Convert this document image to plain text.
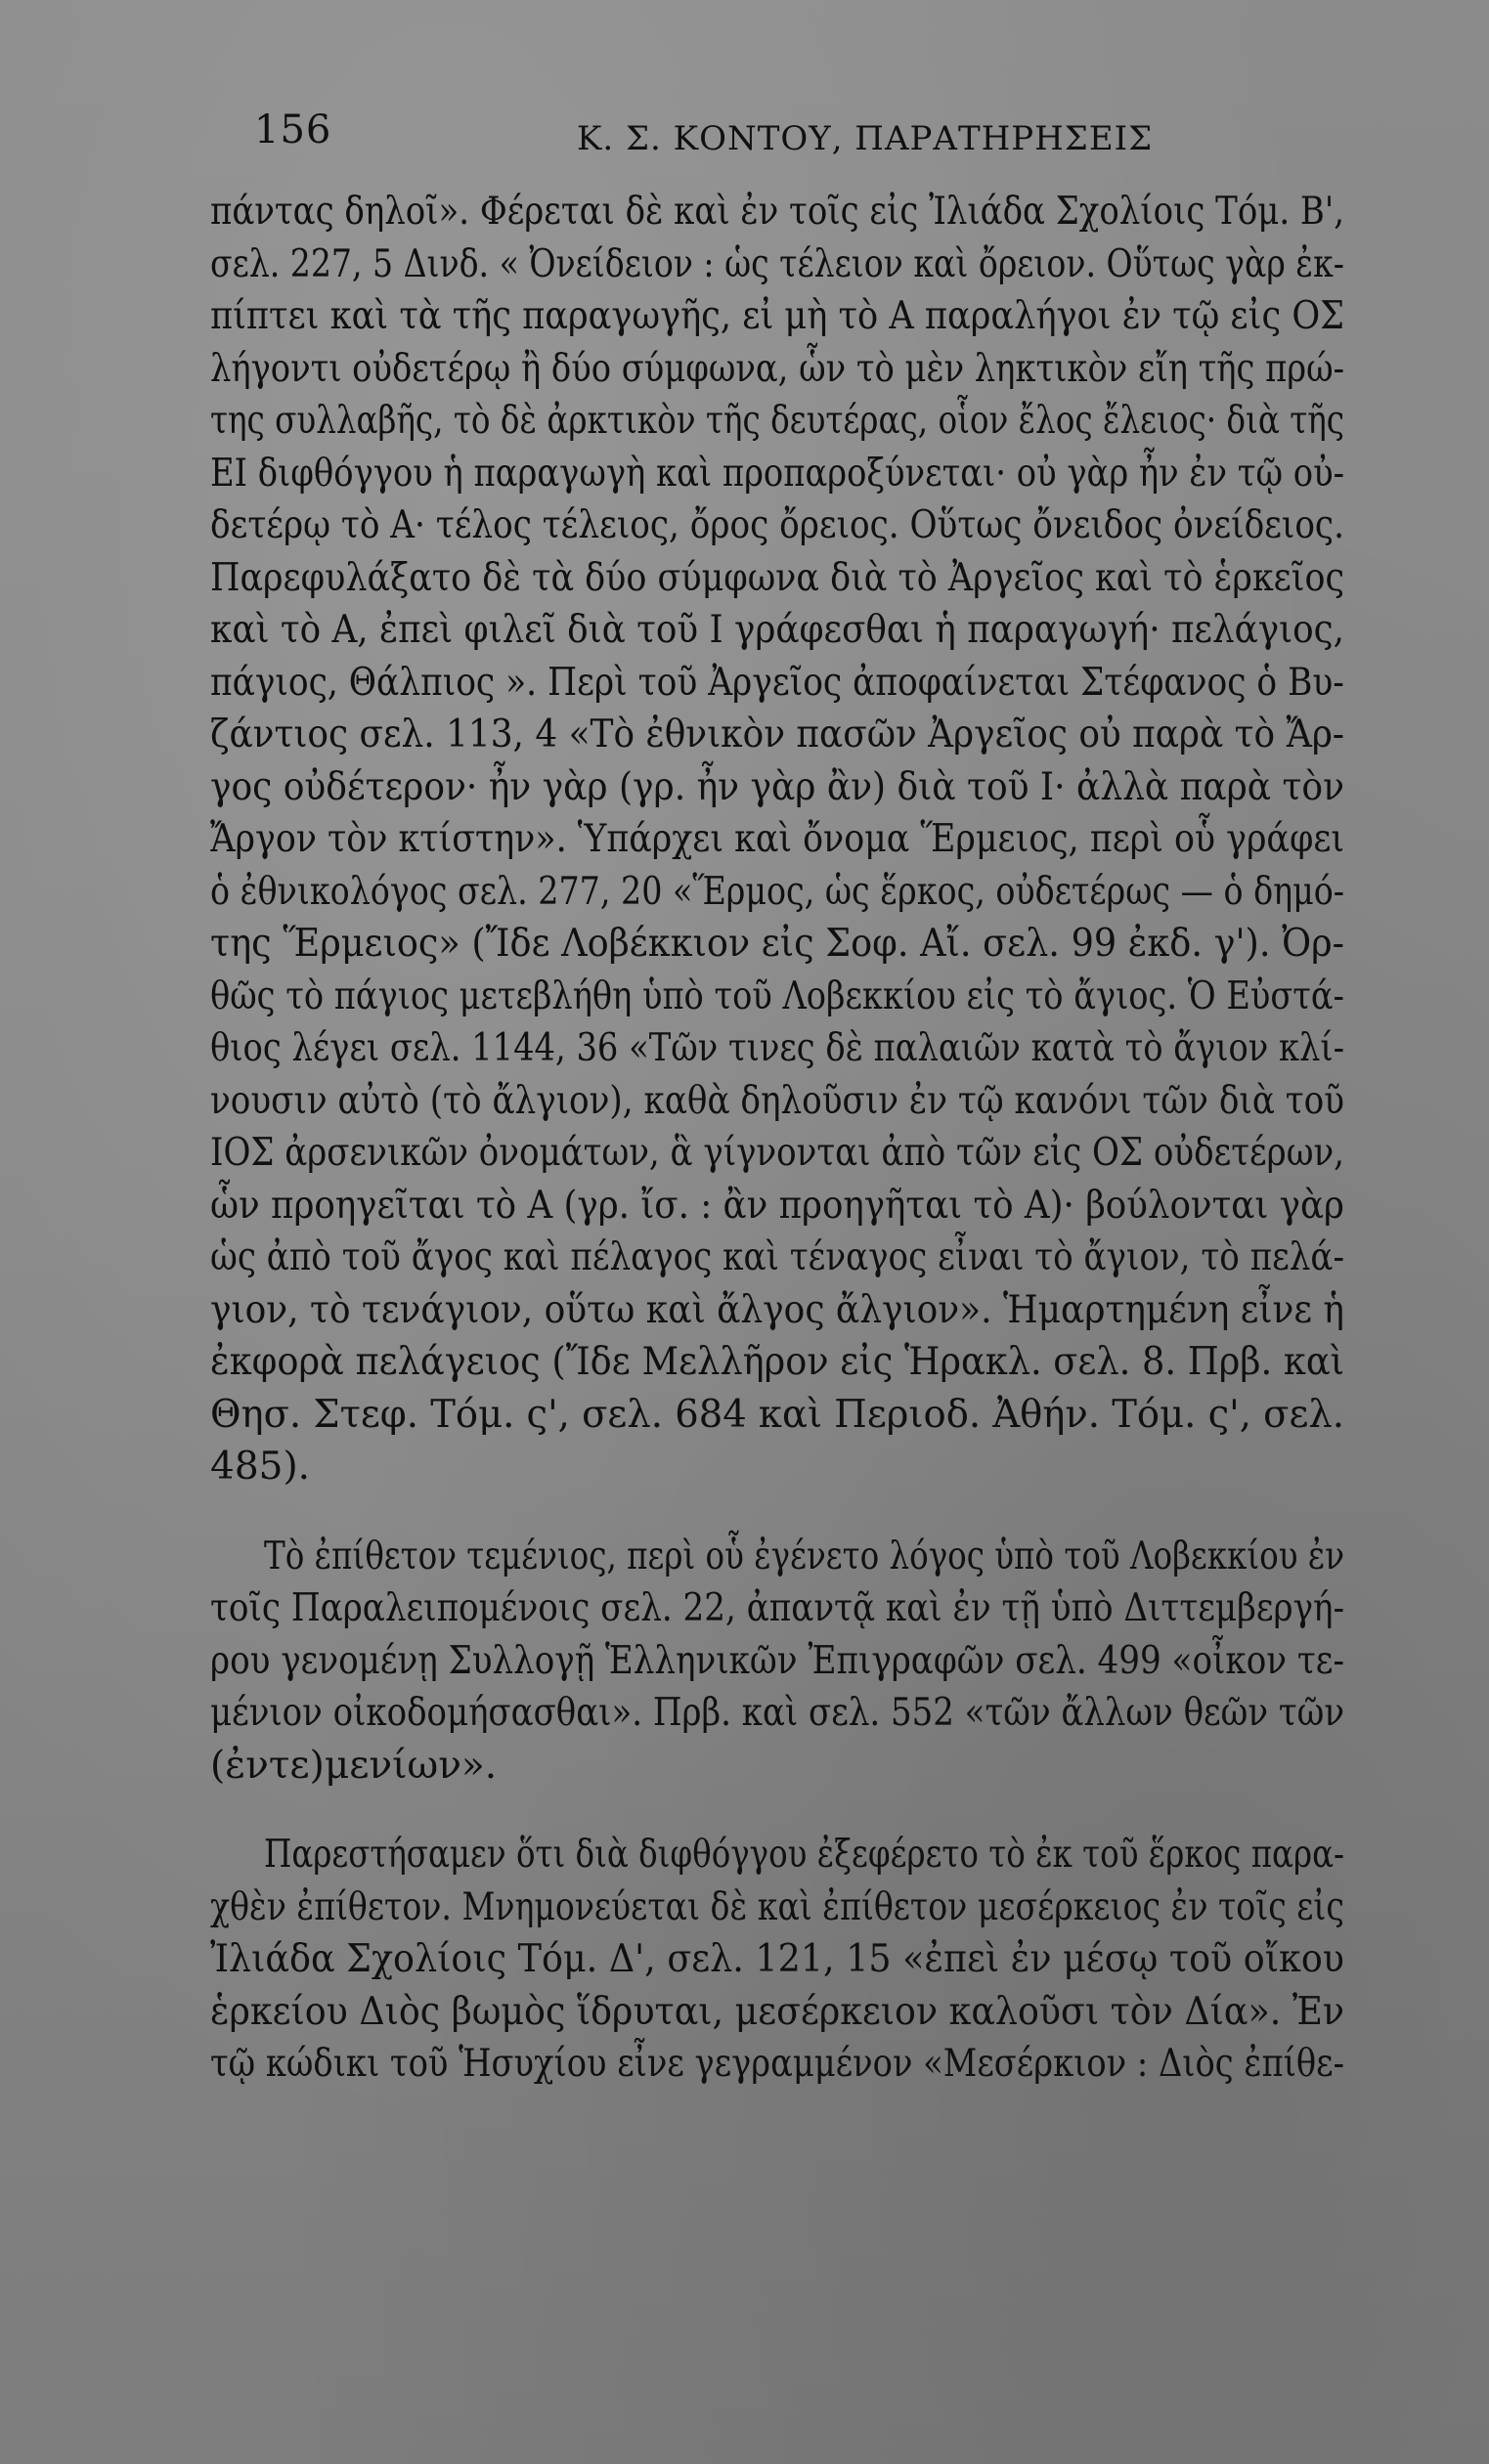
156	Κ. Σ. ΚΟΝΤΟΥ, ΠΑΡΑΤΗΡΗΣΕΙΣ
πάντας δηλοῖ». Φέρεται δὲ καὶ ἐν τοῖς εἰς Ἰλιάδα Σχολίοις Τόμ. Β',
σελ. 227, 5 Δινδ. « Ὀνείδειον : ὡς τέλειον καὶ ὄρειον. Οὕτως γὰρ ἐκ-
πίπτει καὶ τὰ τῆς παραγωγῆς, εἰ μὴ τὸ Α παραλήγοι ἐν τῷ εἰς ΟΣ
λήγοντι οὐδετέρῳ ἢ δύο σύμφωνα, ὧν τὸ μὲν ληκτικὸν εἴη τῆς πρώ-
της συλλαβῆς, τὸ δὲ ἀρκτικὸν τῆς δευτέρας, οἷον ἔλος ἔλειος· διὰ τῆς
ΕΙ διφθόγγου ἡ παραγωγὴ καὶ προπαροξύνεται· οὐ γὰρ ἦν ἐν τῷ οὐ-
δετέρῳ τὸ Α· τέλος τέλειος, ὄρος ὄρειος. Οὕτως ὄνειδος ὀνείδειος.
Παρεφυλάξατο δὲ τὰ δύο σύμφωνα διὰ τὸ Ἀργεῖος καὶ τὸ ἑρκεῖος
καὶ τὸ Α, ἐπεὶ φιλεῖ διὰ τοῦ Ι γράφεσθαι ἡ παραγωγή· πελάγιος,
πάγιος, Θάλπιος ». Περὶ τοῦ Ἀργεῖος ἀποφαίνεται Στέφανος ὁ Βυ-
ζάντιος σελ. 113, 4 «Τὸ ἐθνικὸν πασῶν Ἀργεῖος οὐ παρὰ τὸ Ἄρ-
γος οὐδέτερον· ἦν γὰρ (γρ. ἦν γὰρ ἂν) διὰ τοῦ Ι· ἀλλὰ παρὰ τὸν
Ἄργον τὸν κτίστην». Ὑπάρχει καὶ ὄνομα Ἕρμειος, περὶ οὗ γράφει
ὁ ἐθνικολόγος σελ. 277, 20 «Ἕρμος, ὡς ἕρκος, οὐδετέρως — ὁ δημό-
της Ἕρμειος» (Ἴδε Λοβέκκιον εἰς Σοφ. Αἴ. σελ. 99 ἐκδ. γ'). Ὀρ-
θῶς τὸ πάγιος μετεβλήθη ὑπὸ τοῦ Λοβεκκίου εἰς τὸ ἄγιος. Ὁ Εὐστά-
θιος λέγει σελ. 1144, 36 «Τῶν τινες δὲ παλαιῶν κατὰ τὸ ἄγιον κλί-
νουσιν αὐτὸ (τὸ ἄλγιον), καθὰ δηλοῦσιν ἐν τῷ κανόνι τῶν διὰ τοῦ
ΙΟΣ ἀρσενικῶν ὀνομάτων, ἃ γίγνονται ἀπὸ τῶν εἰς ΟΣ οὐδετέρων,
ὧν προηγεῖται τὸ Α (γρ. ἴσ. : ἂν προηγῆται τὸ Α)· βούλονται γὰρ
ὡς ἀπὸ τοῦ ἄγος καὶ πέλαγος καὶ τέναγος εἶναι τὸ ἄγιον, τὸ πελά-
γιον, τὸ τενάγιον, οὕτω καὶ ἄλγος ἄλγιον». Ἡμαρτημένη εἶνε ἡ
ἐκφορὰ πελάγειος (Ἴδε Μελλῆρον εἰς Ἡρακλ. σελ. 8. Πρβ. καὶ
Θησ. Στεφ. Τόμ. ς', σελ. 684 καὶ Περιοδ. Ἀθήν. Τόμ. ς', σελ.
485).
Τὸ ἐπίθετον τεμένιος, περὶ οὗ ἐγένετο λόγος ὑπὸ τοῦ Λοβεκκίου ἐν
τοῖς Παραλειπομένοις σελ. 22, ἀπαντᾷ καὶ ἐν τῇ ὑπὸ Διττεμβεργή-
ρου γενομένῃ Συλλογῇ Ἑλληνικῶν Ἐπιγραφῶν σελ. 499 «οἶκον τε-
μένιον οἰκοδομήσασθαι». Πρβ. καὶ σελ. 552 «τῶν ἄλλων θεῶν τῶν
(ἐντε)μενίων».
Παρεστήσαμεν ὅτι διὰ διφθόγγου ἐξεφέρετο τὸ ἐκ τοῦ ἕρκος παρα-
χθὲν ἐπίθετον. Μνημονεύεται δὲ καὶ ἐπίθετον μεσέρκειος ἐν τοῖς εἰς
Ἰλιάδα Σχολίοις Τόμ. Δ', σελ. 121, 15 «ἐπεὶ ἐν μέσῳ τοῦ οἴκου
ἑρκείου Διὸς βωμὸς ἵδρυται, μεσέρκειον καλοῦσι τὸν Δία». Ἐν
τῷ κώδικι τοῦ Ἡσυχίου εἶνε γεγραμμένον «Μεσέρκιον : Διὸς ἐπίθε-
